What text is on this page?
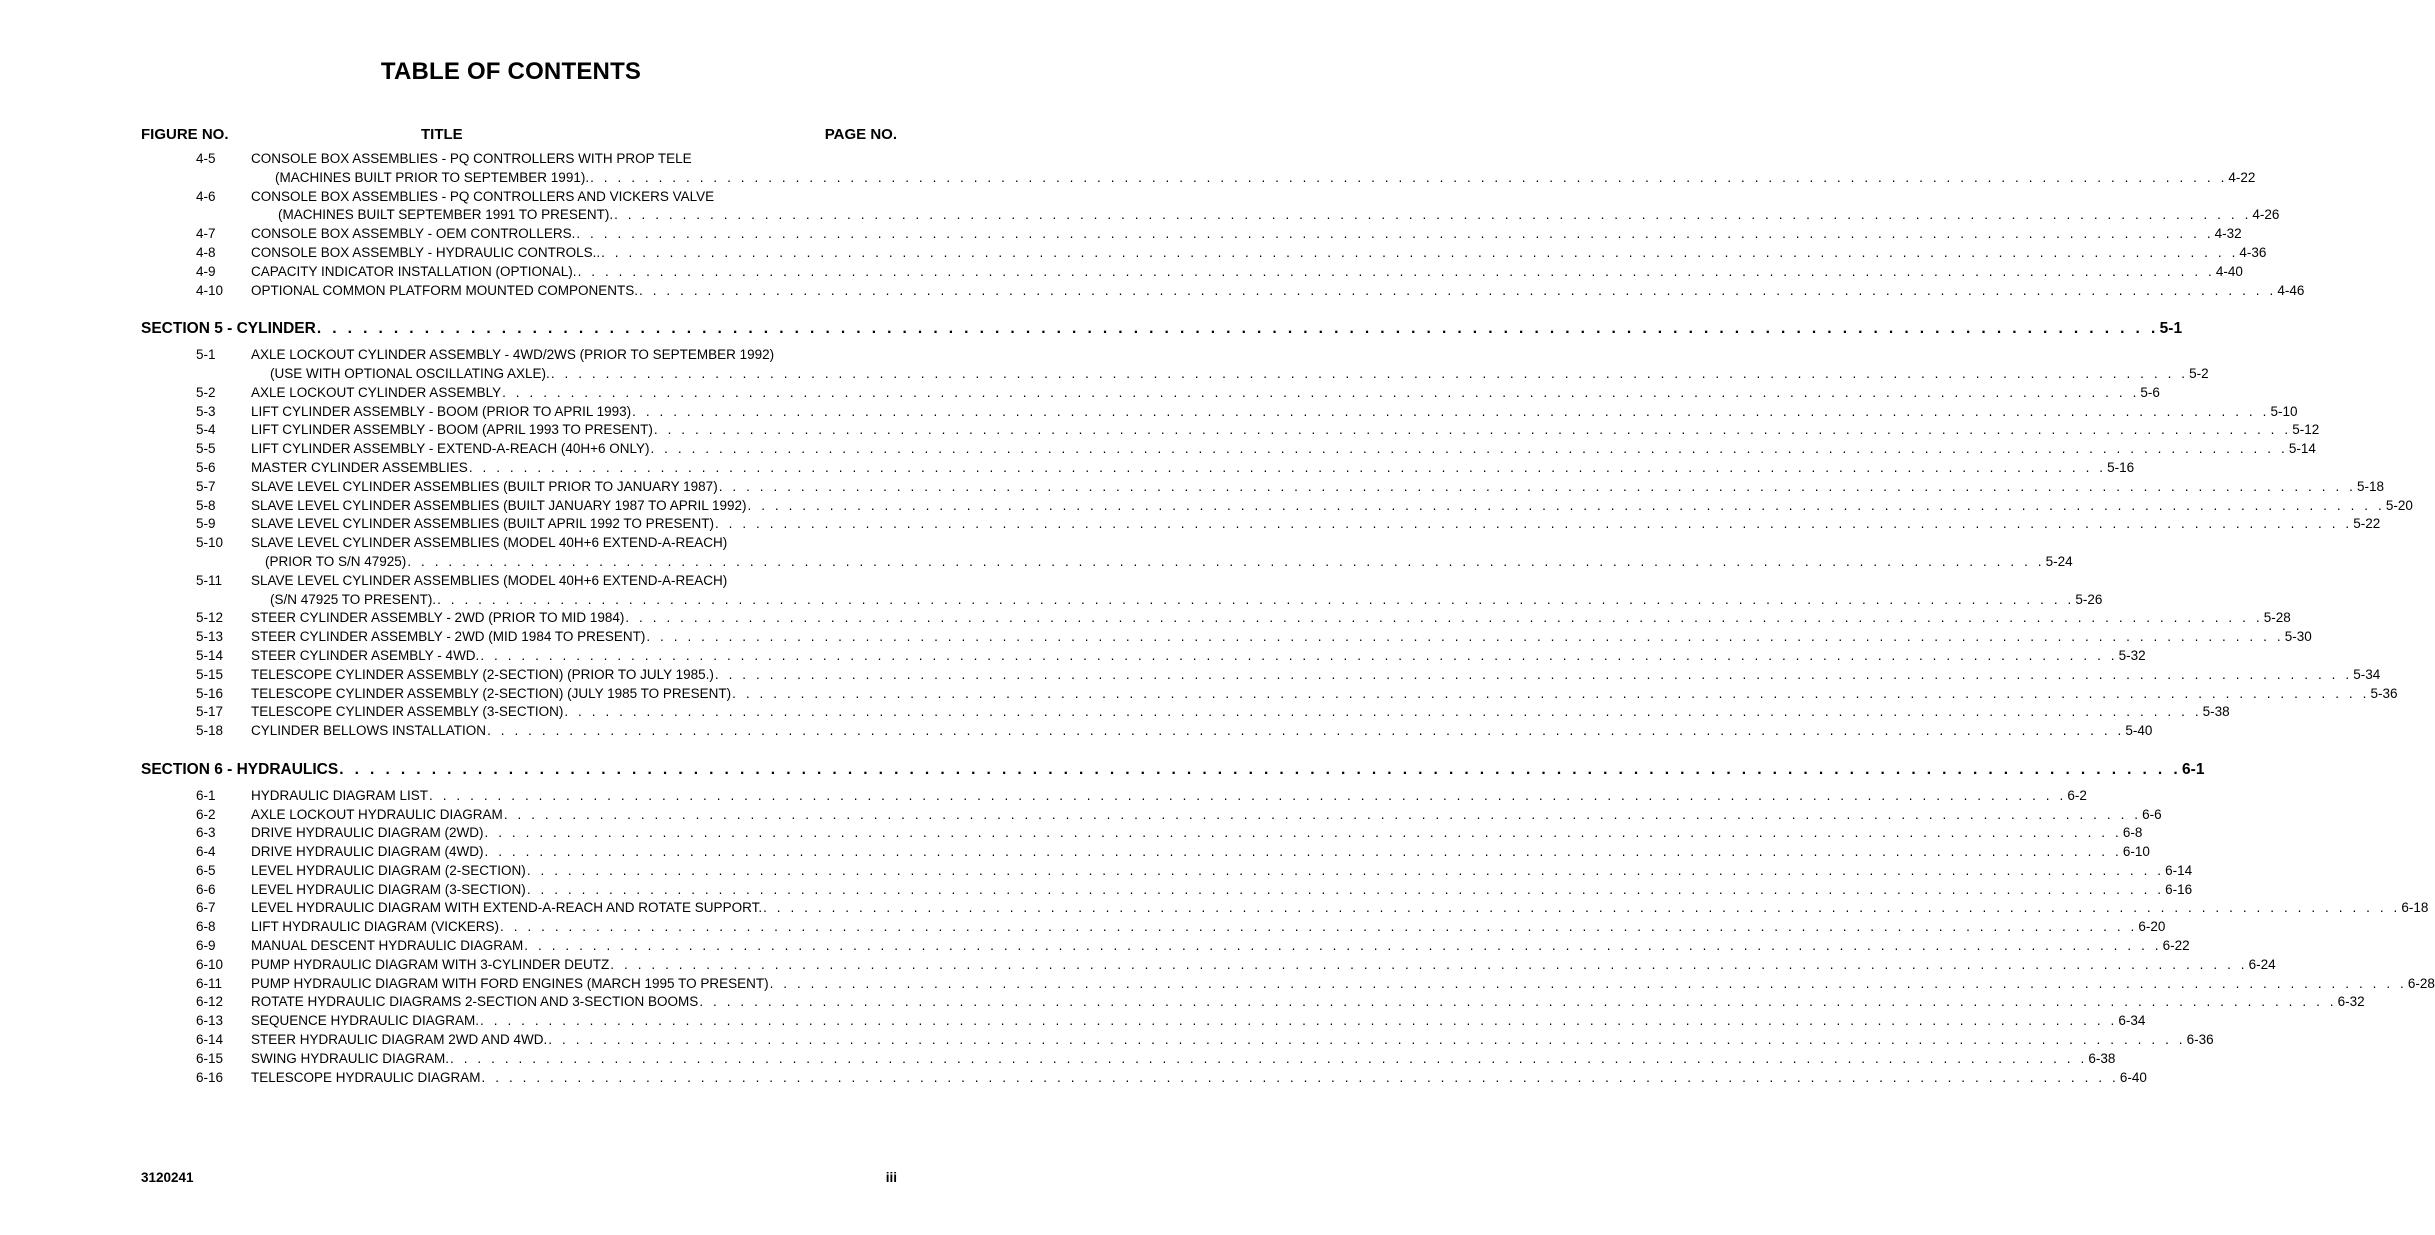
TABLE OF CONTENTS
FIGURE NO.	TITLE	PAGE NO.
4-5	CONSOLE BOX ASSEMBLIES - PQ CONTROLLERS WITH PROP TELE
(MACHINES BUILT PRIOR TO SEPTEMBER 1991). . . . . . . . . . . . . . . . . . . . . . . . . . . . . . . . . . . . . . . . . . . . . . . . . . . . . . . . . . . . . . . . . . . . . . . . . . . . . . . . . . . . . . . . . . . . . . . . . . . . . . . . . . . . . . . . . . . . . . . . . 4-22
4-6	CONSOLE BOX ASSEMBLIES - PQ CONTROLLERS AND VICKERS VALVE
(MACHINES BUILT SEPTEMBER 1991 TO PRESENT). . . . . . . . . . . . . . . . . . . . . . . . . . . . . . . . . . . . . . . . . . . . . . . . . . . . . . . . . . . . . . . . . . . . . . . . . . . . . . . . . . . . . . . . . . . . . . . . . . . . . . . . . . . . . . . . . . . . . . . . . 4-26
4-7	CONSOLE BOX ASSEMBLY - OEM CONTROLLERS. . . . . . . . . . . . . . . . . . . . . . . . . . . . . . . . . . . . . . . . . . . . . . . . . . . . . . . . . . . . . . . . . . . . . . . . . . . . . . . . . . . . . . . . . . . . . . . . . . . . . . . . . . . . . . . . . . . . . . . . . 4-32
4-8	CONSOLE BOX ASSEMBLY - HYDRAULIC CONTROLS.. . . . . . . . . . . . . . . . . . . . . . . . . . . . . . . . . . . . . . . . . . . . . . . . . . . . . . . . . . . . . . . . . . . . . . . . . . . . . . . . . . . . . . . . . . . . . . . . . . . . . . . . . . . . . . . . . . . . . . . . . 4-36
4-9	CAPACITY INDICATOR INSTALLATION (OPTIONAL). . . . . . . . . . . . . . . . . . . . . . . . . . . . . . . . . . . . . . . . . . . . . . . . . . . . . . . . . . . . . . . . . . . . . . . . . . . . . . . . . . . . . . . . . . . . . . . . . . . . . . . . . . . . . . . . . . . . . . . . . 4-40
4-10 OPTIONAL COMMON PLATFORM MOUNTED COMPONENTS. . . . . . . . . . . . . . . . . . . . . . . . . . . . . . . . . . . . . . . . . . . . . . . . . . . . . . . . . . . . . . . . . . . . . . . . . . . . . . . . . . . . . . . . . . . . . . . . . . . . . . . . . . . . . . . . . . . . . . . . . 4-46
SECTION 5 - CYLINDER . . . . . . . . . . . . . . . . . . . . . . . . . . . . . . . . . . . . . . . . . . . . . . . . . . . . . . . . . . . . . . . . . . . . . . . . . . . . . . . . . . . . . . . . . . . . . . . . . . . . . . . . . . . . . . . . . . . . . . . . 5-1
5-1	AXLE LOCKOUT CYLINDER ASSEMBLY - 4WD/2WS (PRIOR TO SEPTEMBER 1992)
(USE WITH OPTIONAL OSCILLATING AXLE). . . . . . . . . . . . . . . . . . . . . . . . . . . . . . . . . . . . . . . . . . . . . . . . . . . . . . . . . . . . . . . . . . . . . . . . . . . . . . . . . . . . . . . . . . . . . . . . . . . . . . . . . . . . . . . . . . . . . . . . . 5-2
5-2	AXLE LOCKOUT CYLINDER ASSEMBLY . . . . . . . . . . . . . . . . . . . . . . . . . . . . . . . . . . . . . . . . . . . . . . . . . . . . . . . . . . . . . . . . . . . . . . . . . . . . . . . . . . . . . . . . . . . . . . . . . . . . . . . . . . . . . . . . . . . . . . . . 5-6
5-3	LIFT CYLINDER ASSEMBLY - BOOM (PRIOR TO APRIL 1993) . . . . . . . . . . . . . . . . . . . . . . . . . . . . . . . . . . . . . . . . . . . . . . . . . . . . . . . . . . . . . . . . . . . . . . . . . . . . . . . . . . . . . . . . . . . . . . . . . . . . . . . . . . . . . . . . . . . . . . . . 5-10
5-4	LIFT CYLINDER ASSEMBLY - BOOM (APRIL 1993 TO PRESENT) . . . . . . . . . . . . . . . . . . . . . . . . . . . . . . . . . . . . . . . . . . . . . . . . . . . . . . . . . . . . . . . . . . . . . . . . . . . . . . . . . . . . . . . . . . . . . . . . . . . . . . . . . . . . . . . . . . . . . . . . 5-12
5-5	LIFT CYLINDER ASSEMBLY - EXTEND-A-REACH (40H+6 ONLY) . . . . . . . . . . . . . . . . . . . . . . . . . . . . . . . . . . . . . . . . . . . . . . . . . . . . . . . . . . . . . . . . . . . . . . . . . . . . . . . . . . . . . . . . . . . . . . . . . . . . . . . . . . . . . . . . . . . . . . . . 5-14
5-6	MASTER CYLINDER ASSEMBLIES . . . . . . . . . . . . . . . . . . . . . . . . . . . . . . . . . . . . . . . . . . . . . . . . . . . . . . . . . . . . . . . . . . . . . . . . . . . . . . . . . . . . . . . . . . . . . . . . . . . . . . . . . . . . . . . . . . . . . . . . 5-16
5-7	SLAVE LEVEL CYLINDER ASSEMBLIES (BUILT PRIOR TO JANUARY 1987) . . . . . . . . . . . . . . . . . . . . . . . . . . . . . . . . . . . . . . . . . . . . . . . . . . . . . . . . . . . . . . . . . . . . . . . . . . . . . . . . . . . . . . . . . . . . . . . . . . . . . . . . . . . . . . . . . . . . . . . . 5-18
5-8	SLAVE LEVEL CYLINDER ASSEMBLIES (BUILT JANUARY 1987 TO APRIL 1992) . . . . . . . . . . . . . . . . . . . . . . . . . . . . . . . . . . . . . . . . . . . . . . . . . . . . . . . . . . . . . . . . . . . . . . . . . . . . . . . . . . . . . . . . . . . . . . . . . . . . . . . . . . . . . . . . . . . . . . . . 5-20
5-9	SLAVE LEVEL CYLINDER ASSEMBLIES (BUILT APRIL 1992 TO PRESENT) . . . . . . . . . . . . . . . . . . . . . . . . . . . . . . . . . . . . . . . . . . . . . . . . . . . . . . . . . . . . . . . . . . . . . . . . . . . . . . . . . . . . . . . . . . . . . . . . . . . . . . . . . . . . . . . . . . . . . . . . 5-22
5-10 SLAVE LEVEL CYLINDER ASSEMBLIES (MODEL 40H+6 EXTEND-A-REACH)
(PRIOR TO S/N 47925) . . . . . . . . . . . . . . . . . . . . . . . . . . . . . . . . . . . . . . . . . . . . . . . . . . . . . . . . . . . . . . . . . . . . . . . . . . . . . . . . . . . . . . . . . . . . . . . . . . . . . . . . . . . . . . . . . . . . . . . . 5-24
5-11 SLAVE LEVEL CYLINDER ASSEMBLIES (MODEL 40H+6 EXTEND-A-REACH)
(S/N 47925 TO PRESENT). . . . . . . . . . . . . . . . . . . . . . . . . . . . . . . . . . . . . . . . . . . . . . . . . . . . . . . . . . . . . . . . . . . . . . . . . . . . . . . . . . . . . . . . . . . . . . . . . . . . . . . . . . . . . . . . . . . . . . . . . 5-26
5-12 STEER CYLINDER ASSEMBLY - 2WD (PRIOR TO MID 1984) . . . . . . . . . . . . . . . . . . . . . . . . . . . . . . . . . . . . . . . . . . . . . . . . . . . . . . . . . . . . . . . . . . . . . . . . . . . . . . . . . . . . . . . . . . . . . . . . . . . . . . . . . . . . . . . . . . . . . . . . 5-28
5-13 STEER CYLINDER ASSEMBLY - 2WD (MID 1984 TO PRESENT) . . . . . . . . . . . . . . . . . . . . . . . . . . . . . . . . . . . . . . . . . . . . . . . . . . . . . . . . . . . . . . . . . . . . . . . . . . . . . . . . . . . . . . . . . . . . . . . . . . . . . . . . . . . . . . . . . . . . . . . . 5-30
5-14 STEER CYLINDER ASEMBLY - 4WD. . . . . . . . . . . . . . . . . . . . . . . . . . . . . . . . . . . . . . . . . . . . . . . . . . . . . . . . . . . . . . . . . . . . . . . . . . . . . . . . . . . . . . . . . . . . . . . . . . . . . . . . . . . . . . . . . . . . . . . . . 5-32
5-15 TELESCOPE CYLINDER ASSEMBLY (2-SECTION) (PRIOR TO JULY 1985.) . . . . . . . . . . . . . . . . . . . . . . . . . . . . . . . . . . . . . . . . . . . . . . . . . . . . . . . . . . . . . . . . . . . . . . . . . . . . . . . . . . . . . . . . . . . . . . . . . . . . . . . . . . . . . . . . . . . . . . . . 5-34
5-16 TELESCOPE CYLINDER ASSEMBLY (2-SECTION) (JULY 1985 TO PRESENT) . . . . . . . . . . . . . . . . . . . . . . . . . . . . . . . . . . . . . . . . . . . . . . . . . . . . . . . . . . . . . . . . . . . . . . . . . . . . . . . . . . . . . . . . . . . . . . . . . . . . . . . . . . . . . . . . . . . . . . . . 5-36
5-17 TELESCOPE CYLINDER ASSEMBLY (3-SECTION) . . . . . . . . . . . . . . . . . . . . . . . . . . . . . . . . . . . . . . . . . . . . . . . . . . . . . . . . . . . . . . . . . . . . . . . . . . . . . . . . . . . . . . . . . . . . . . . . . . . . . . . . . . . . . . . . . . . . . . . . 5-38
5-18 CYLINDER BELLOWS INSTALLATION . . . . . . . . . . . . . . . . . . . . . . . . . . . . . . . . . . . . . . . . . . . . . . . . . . . . . . . . . . . . . . . . . . . . . . . . . . . . . . . . . . . . . . . . . . . . . . . . . . . . . . . . . . . . . . . . . . . . . . . . 5-40
SECTION 6 - HYDRAULICS . . . . . . . . . . . . . . . . . . . . . . . . . . . . . . . . . . . . . . . . . . . . . . . . . . . . . . . . . . . . . . . . . . . . . . . . . . . . . . . . . . . . . . . . . . . . . . . . . . . . . . . . . . . . . . . . . . . . . . . . 6-1
6-1	HYDRAULIC DIAGRAM LIST . . . . . . . . . . . . . . . . . . . . . . . . . . . . . . . . . . . . . . . . . . . . . . . . . . . . . . . . . . . . . . . . . . . . . . . . . . . . . . . . . . . . . . . . . . . . . . . . . . . . . . . . . . . . . . . . . . . . . . . . 6-2
6-2	AXLE LOCKOUT HYDRAULIC DIAGRAM . . . . . . . . . . . . . . . . . . . . . . . . . . . . . . . . . . . . . . . . . . . . . . . . . . . . . . . . . . . . . . . . . . . . . . . . . . . . . . . . . . . . . . . . . . . . . . . . . . . . . . . . . . . . . . . . . . . . . . . . 6-6
6-3	DRIVE HYDRAULIC DIAGRAM (2WD) . . . . . . . . . . . . . . . . . . . . . . . . . . . . . . . . . . . . . . . . . . . . . . . . . . . . . . . . . . . . . . . . . . . . . . . . . . . . . . . . . . . . . . . . . . . . . . . . . . . . . . . . . . . . . . . . . . . . . . . . 6-8
6-4	DRIVE HYDRAULIC DIAGRAM (4WD) . . . . . . . . . . . . . . . . . . . . . . . . . . . . . . . . . . . . . . . . . . . . . . . . . . . . . . . . . . . . . . . . . . . . . . . . . . . . . . . . . . . . . . . . . . . . . . . . . . . . . . . . . . . . . . . . . . . . . . . . 6-10
6-5	LEVEL HYDRAULIC DIAGRAM (2-SECTION) . . . . . . . . . . . . . . . . . . . . . . . . . . . . . . . . . . . . . . . . . . . . . . . . . . . . . . . . . . . . . . . . . . . . . . . . . . . . . . . . . . . . . . . . . . . . . . . . . . . . . . . . . . . . . . . . . . . . . . . . 6-14
6-6	LEVEL HYDRAULIC DIAGRAM (3-SECTION) . . . . . . . . . . . . . . . . . . . . . . . . . . . . . . . . . . . . . . . . . . . . . . . . . . . . . . . . . . . . . . . . . . . . . . . . . . . . . . . . . . . . . . . . . . . . . . . . . . . . . . . . . . . . . . . . . . . . . . . . 6-16
6-7	LEVEL HYDRAULIC DIAGRAM WITH EXTEND-A-REACH AND ROTATE SUPPORT. . . . . . . . . . . . . . . . . . . . . . . . . . . . . . . . . . . . . . . . . . . . . . . . . . . . . . . . . . . . . . . . . . . . . . . . . . . . . . . . . . . . . . . . . . . . . . . . . . . . . . . . . . . . . . . . . . . . . . . . . 6-18
6-8	LIFT HYDRAULIC DIAGRAM (VICKERS) . . . . . . . . . . . . . . . . . . . . . . . . . . . . . . . . . . . . . . . . . . . . . . . . . . . . . . . . . . . . . . . . . . . . . . . . . . . . . . . . . . . . . . . . . . . . . . . . . . . . . . . . . . . . . . . . . . . . . . . . 6-20
6-9	MANUAL DESCENT HYDRAULIC DIAGRAM . . . . . . . . . . . . . . . . . . . . . . . . . . . . . . . . . . . . . . . . . . . . . . . . . . . . . . . . . . . . . . . . . . . . . . . . . . . . . . . . . . . . . . . . . . . . . . . . . . . . . . . . . . . . . . . . . . . . . . . . 6-22
6-10 PUMP HYDRAULIC DIAGRAM WITH 3-CYLINDER DEUTZ . . . . . . . . . . . . . . . . . . . . . . . . . . . . . . . . . . . . . . . . . . . . . . . . . . . . . . . . . . . . . . . . . . . . . . . . . . . . . . . . . . . . . . . . . . . . . . . . . . . . . . . . . . . . . . . . . . . . . . . . 6-24
6-11 PUMP HYDRAULIC DIAGRAM WITH FORD ENGINES (MARCH 1995 TO PRESENT) . . . . . . . . . . . . . . . . . . . . . . . . . . . . . . . . . . . . . . . . . . . . . . . . . . . . . . . . . . . . . . . . . . . . . . . . . . . . . . . . . . . . . . . . . . . . . . . . . . . . . . . . . . . . . . . . . . . . . . . . 6-28
6-12 ROTATE HYDRAULIC DIAGRAMS 2-SECTION AND 3-SECTION BOOMS . . . . . . . . . . . . . . . . . . . . . . . . . . . . . . . . . . . . . . . . . . . . . . . . . . . . . . . . . . . . . . . . . . . . . . . . . . . . . . . . . . . . . . . . . . . . . . . . . . . . . . . . . . . . . . . . . . . . . . . . 6-32
6-13 SEQUENCE HYDRAULIC DIAGRAM. . . . . . . . . . . . . . . . . . . . . . . . . . . . . . . . . . . . . . . . . . . . . . . . . . . . . . . . . . . . . . . . . . . . . . . . . . . . . . . . . . . . . . . . . . . . . . . . . . . . . . . . . . . . . . . . . . . . . . . . . 6-34
6-14 STEER HYDRAULIC DIAGRAM 2WD AND 4WD. . . . . . . . . . . . . . . . . . . . . . . . . . . . . . . . . . . . . . . . . . . . . . . . . . . . . . . . . . . . . . . . . . . . . . . . . . . . . . . . . . . . . . . . . . . . . . . . . . . . . . . . . . . . . . . . . . . . . . . . . 6-36
6-15 SWING HYDRAULIC DIAGRAM. . . . . . . . . . . . . . . . . . . . . . . . . . . . . . . . . . . . . . . . . . . . . . . . . . . . . . . . . . . . . . . . . . . . . . . . . . . . . . . . . . . . . . . . . . . . . . . . . . . . . . . . . . . . . . . . . . . . . . . . . 6-38
6-16 TELESCOPE HYDRAULIC DIAGRAM . . . . . . . . . . . . . . . . . . . . . . . . . . . . . . . . . . . . . . . . . . . . . . . . . . . . . . . . . . . . . . . . . . . . . . . . . . . . . . . . . . . . . . . . . . . . . . . . . . . . . . . . . . . . . . . . . . . . . . . . 6-40
3120241	iii
